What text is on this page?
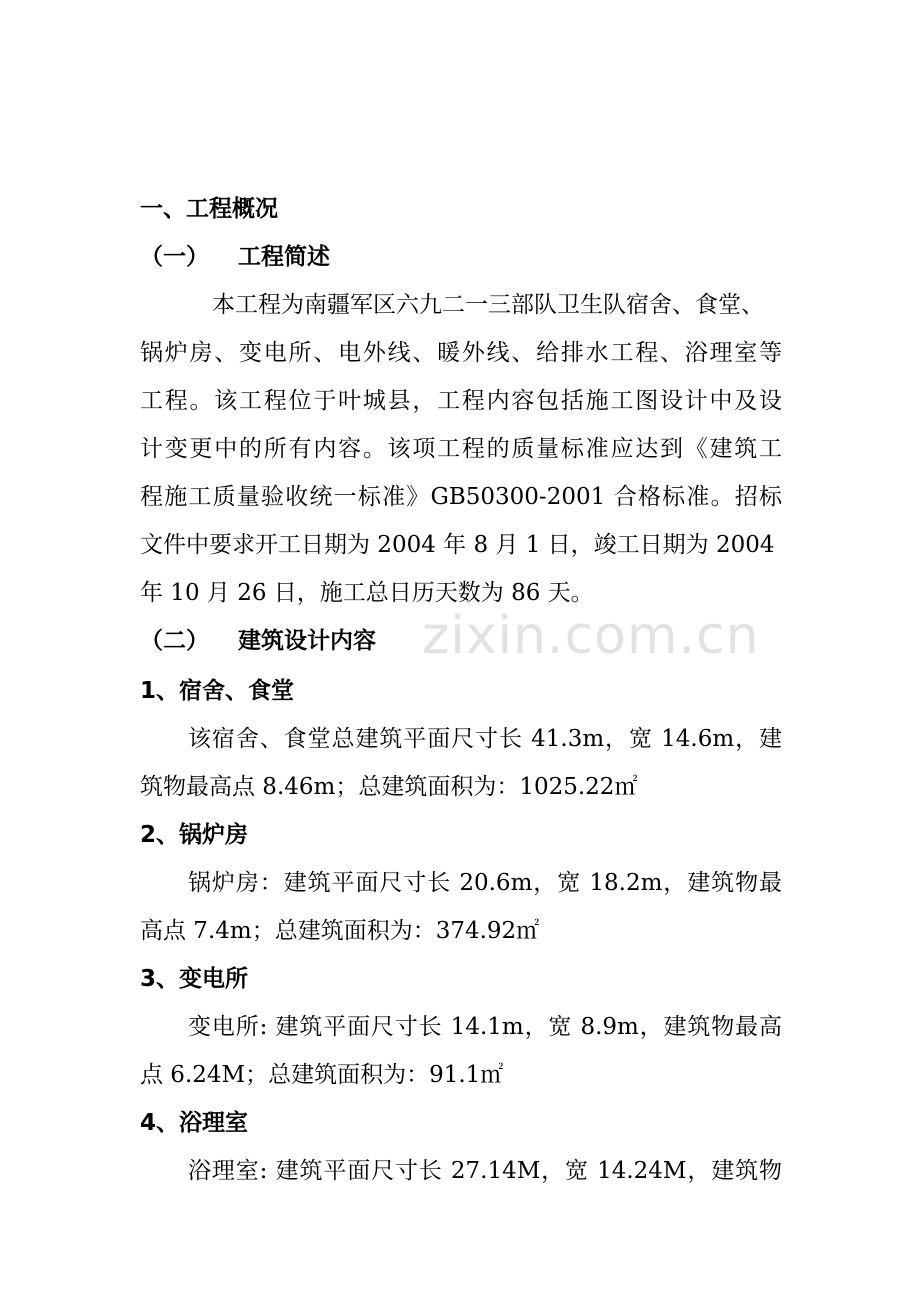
zixin.com.cn
一、工程概况
（一） 工程简述
本工程为南疆军区六九二一三部队卫生队宿舍、食堂、
锅炉房、变电所、电外线、暖外线、给排水工程、浴理室等
工程。该工程位于叶城县，工程内容包括施工图设计中及设
计变更中的所有内容。该项工程的质量标准应达到《建筑工
程施工质量验收统一标准》GB50300-2001 合格标准。招标
文件中要求开工日期为 2004 年 8 月 1 日，竣工日期为 2004
年 10 月 26 日，施工总日历天数为 86 天。
（二） 建筑设计内容
1、宿舍、食堂
该宿舍、食堂总建筑平面尺寸长 41.3m，宽 14.6m，建
筑物最高点 8.46m；总建筑面积为：1025.22㎡
2、锅炉房
锅炉房：建筑平面尺寸长 20.6m，宽 18.2m，建筑物最
高点 7.4m；总建筑面积为：374.92㎡
3、变电所
变电所: 建筑平面尺寸长 14.1m，宽 8.9m，建筑物最高
点 6.24M；总建筑面积为：91.1㎡
4、浴理室
浴理室: 建筑平面尺寸长 27.14M，宽 14.24M，建筑物
